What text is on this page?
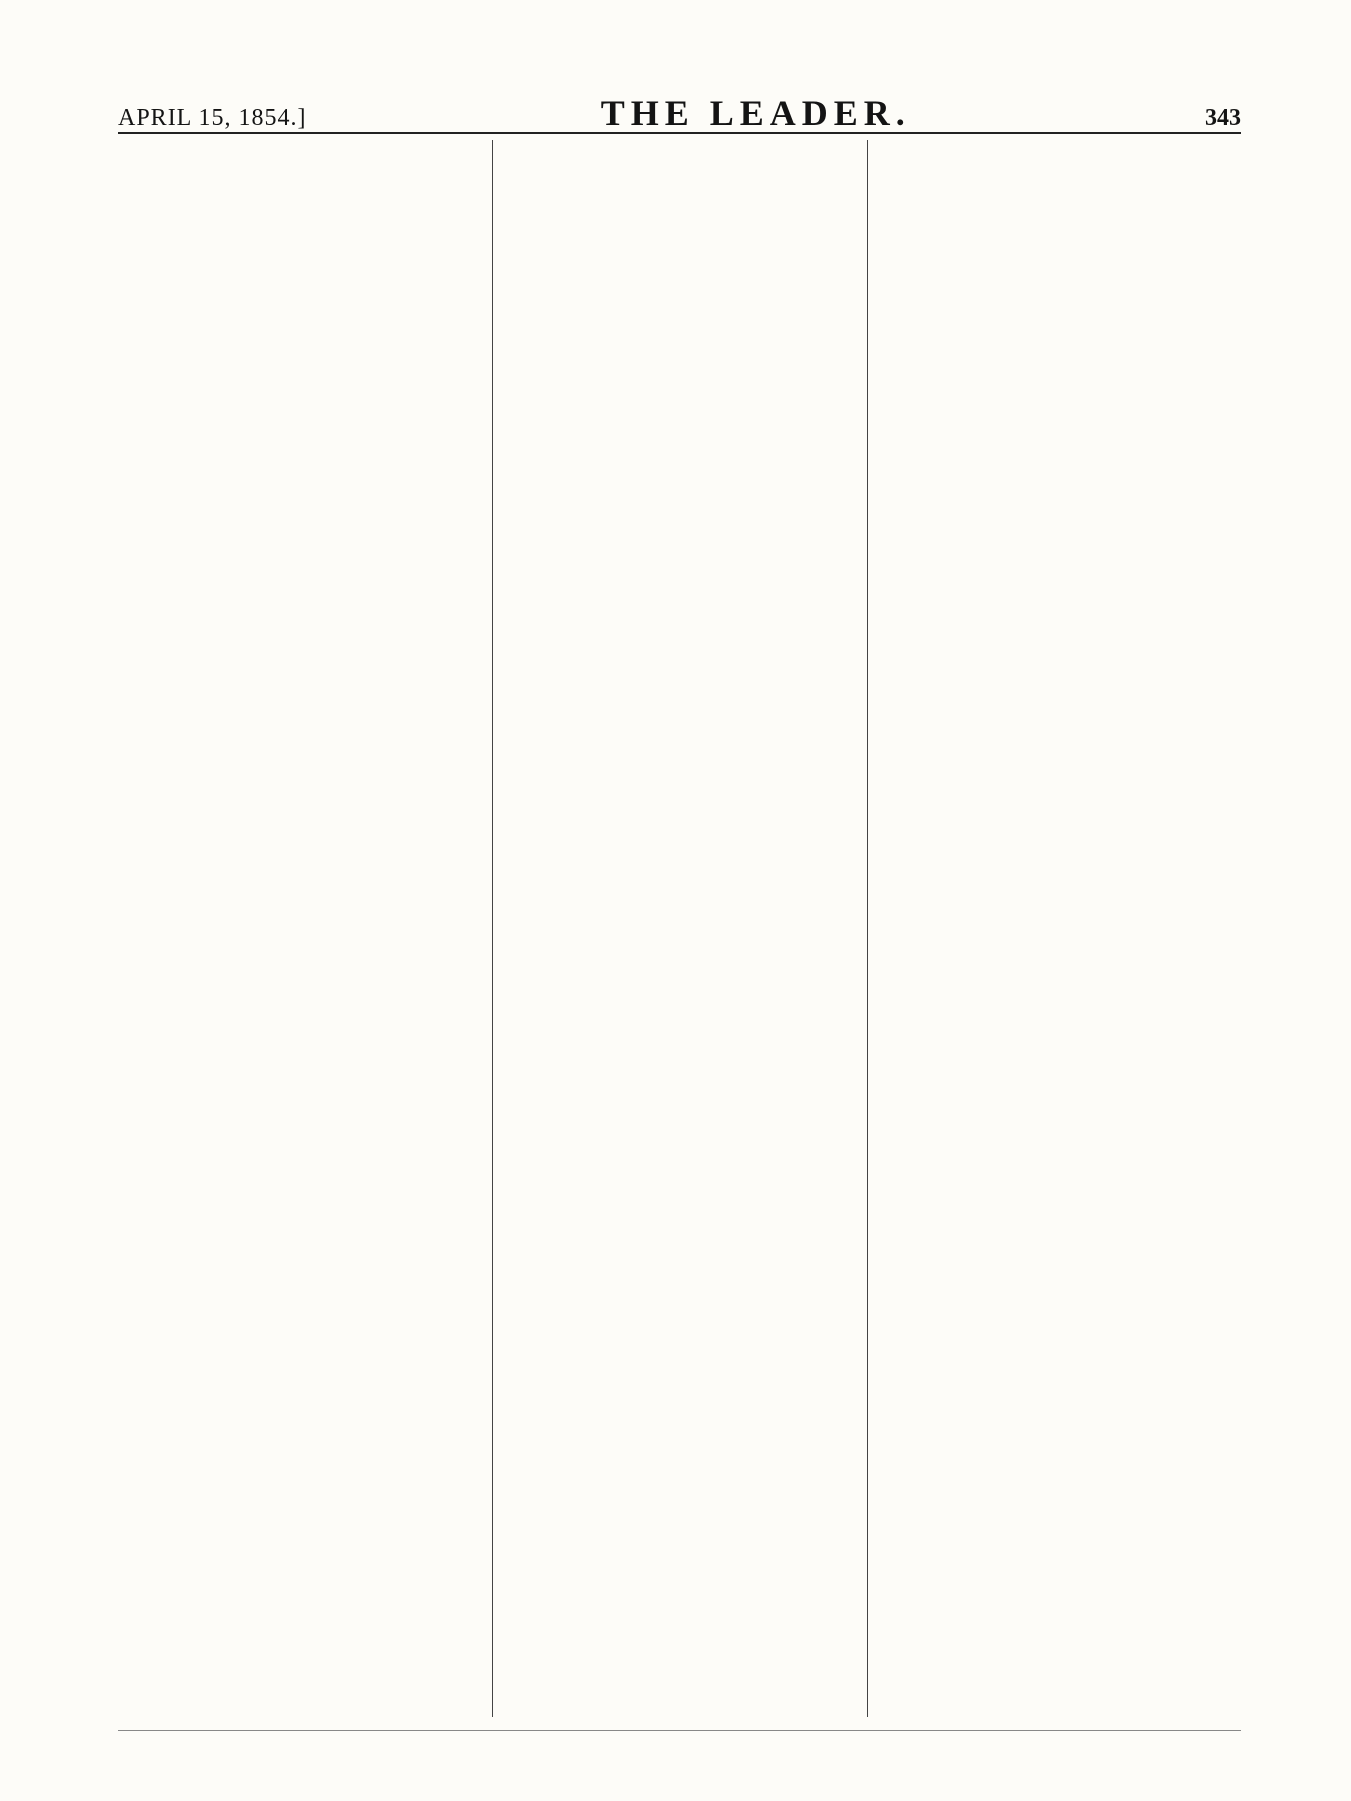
APRIL 15, 1854.]	THE LEADER.	343
